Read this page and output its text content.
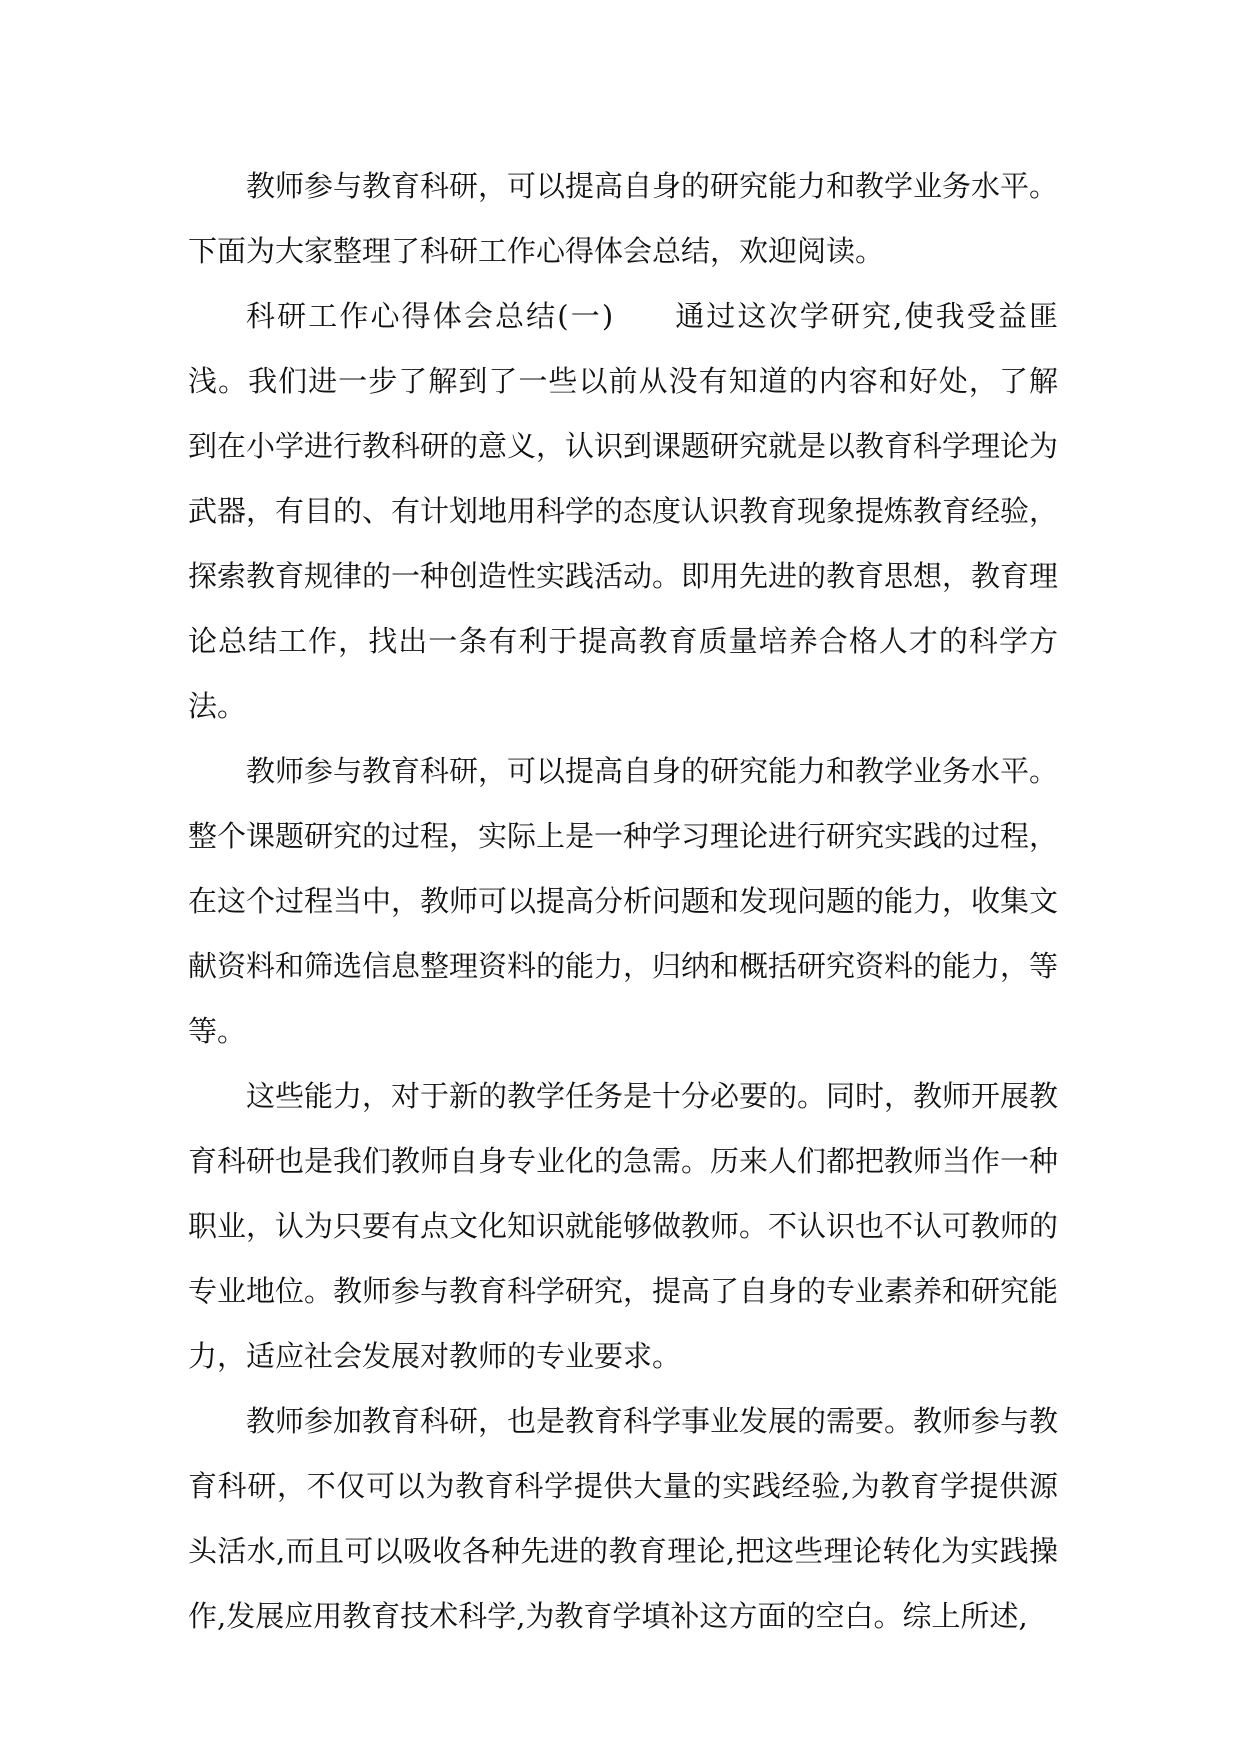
教师参与教育科研，可以提高自身的研究能力和教学业务水平。下面为大家整理了科研工作心得体会总结，欢迎阅读。

科研工作心得体会总结(一) 通过这次学研究,使我受益匪浅。我们进一步了解到了一些以前从没有知道的内容和好处，了解到在小学进行教科研的意义，认识到课题研究就是以教育科学理论为武器，有目的、有计划地用科学的态度认识教育现象提炼教育经验，探索教育规律的一种创造性实践活动。即用先进的教育思想，教育理论总结工作，找出一条有利于提高教育质量培养合格人才的科学方法。

教师参与教育科研，可以提高自身的研究能力和教学业务水平。整个课题研究的过程，实际上是一种学习理论进行研究实践的过程，在这个过程当中，教师可以提高分析问题和发现问题的能力，收集文献资料和筛选信息整理资料的能力，归纳和概括研究资料的能力，等等。

这些能力，对于新的教学任务是十分必要的。同时，教师开展教育科研也是我们教师自身专业化的急需。历来人们都把教师当作一种职业，认为只要有点文化知识就能够做教师。不认识也不认可教师的专业地位。教师参与教育科学研究，提高了自身的专业素养和研究能力，适应社会发展对教师的专业要求。

教师参加教育科研，也是教育科学事业发展的需要。教师参与教育科研，不仅可以为教育科学提供大量的实践经验,为教育学提供源头活水,而且可以吸收各种先进的教育理论,把这些理论转化为实践操作,发展应用教育技术科学,为教育学填补这方面的空白。综上所述,
